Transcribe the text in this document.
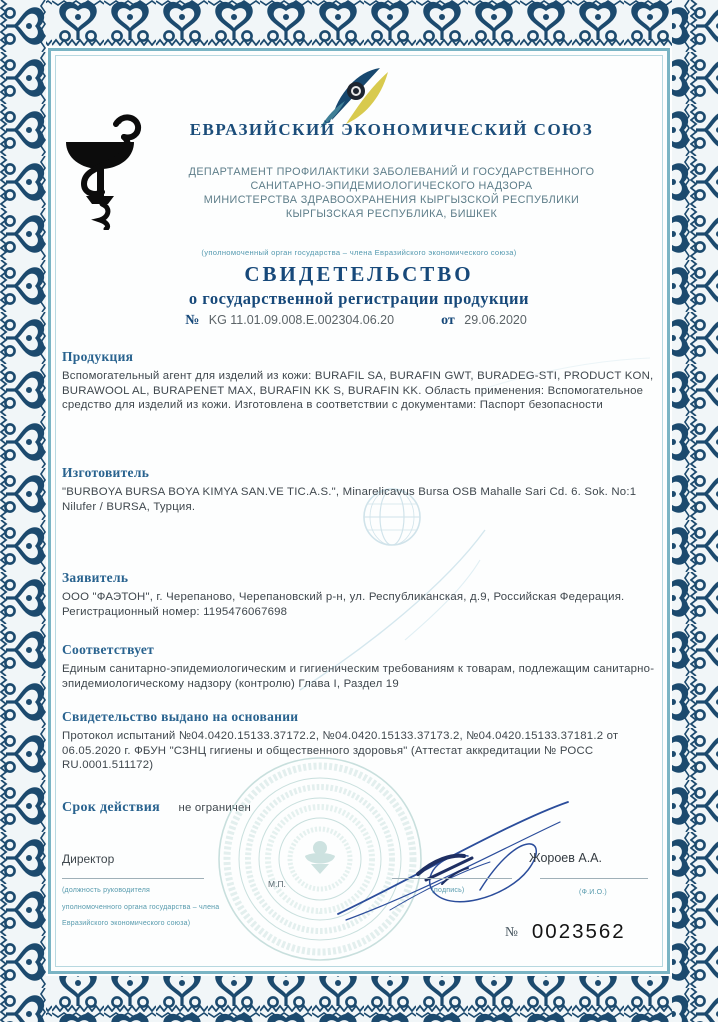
ЕВРАЗИЙСКИЙ ЭКОНОМИЧЕСКИЙ СОЮЗ
ДЕПАРТАМЕНТ ПРОФИЛАКТИКИ ЗАБОЛЕВАНИЙ И ГОСУДАРСТВЕННОГО
САНИТАРНО-ЭПИДЕМИОЛОГИЧЕСКОГО НАДЗОРА
МИНИСТЕРСТВА ЗДРАВООХРАНЕНИЯ КЫРГЫЗСКОЙ РЕСПУБЛИКИ
КЫРГЫЗСКАЯ РЕСПУБЛИКА, БИШКЕК
(уполномоченный орган государства – члена Евразийского экономического союза)
СВИДЕТЕЛЬСТВО
о государственной регистрации продукции
№ KG 11.01.09.008.E.002304.06.20	от 29.06.2020
Продукция
Вспомогательный агент для изделий из кожи: BURAFIL SA, BURAFIN GWT, BURADEG-STI, PRODUCT KON, BURAWOOL AL, BURAPENET MAX, BURAFIN KK S, BURAFIN KK. Область применения: Вспомогательное средство для изделий из кожи. Изготовлена в соответствии с документами: Паспорт безопасности
Изготовитель
"BURBOYA BURSA BOYA KIMYA SAN.VE TIC.A.S.", Minarelicavus Bursa OSB Mahalle Sari Cd. 6. Sok. No:1 Nilufer / BURSA, Турция.
Заявитель
ООО "ФАЭТОН", г. Черепаново, Черепановский р-н, ул. Республиканская, д.9, Российская Федерация. Регистрационный номер: 1195476067698
Соответствует
Единым санитарно-эпидемиологическим и гигиеническим требованиям к товарам, подлежащим санитарно-эпидемиологическому надзору (контролю) Глава I, Раздел 19
Свидетельство выдано на основании
Протокол испытаний №04.0420.15133.37172.2, №04.0420.15133.37173.2, №04.0420.15133.37181.2 от 06.05.2020 г. ФБУН "СЗНЦ гигиены и общественного здоровья" (Аттестат аккредитации № РОСС RU.0001.511172)
Срок действия не ограничен
Директор	Жороев А.А.
(должность руководителя
уполномоченного органа государства – члена
Евразийского экономического союза)
М.П.
(подпись)	(Ф.И.О.)
№ 0023562
